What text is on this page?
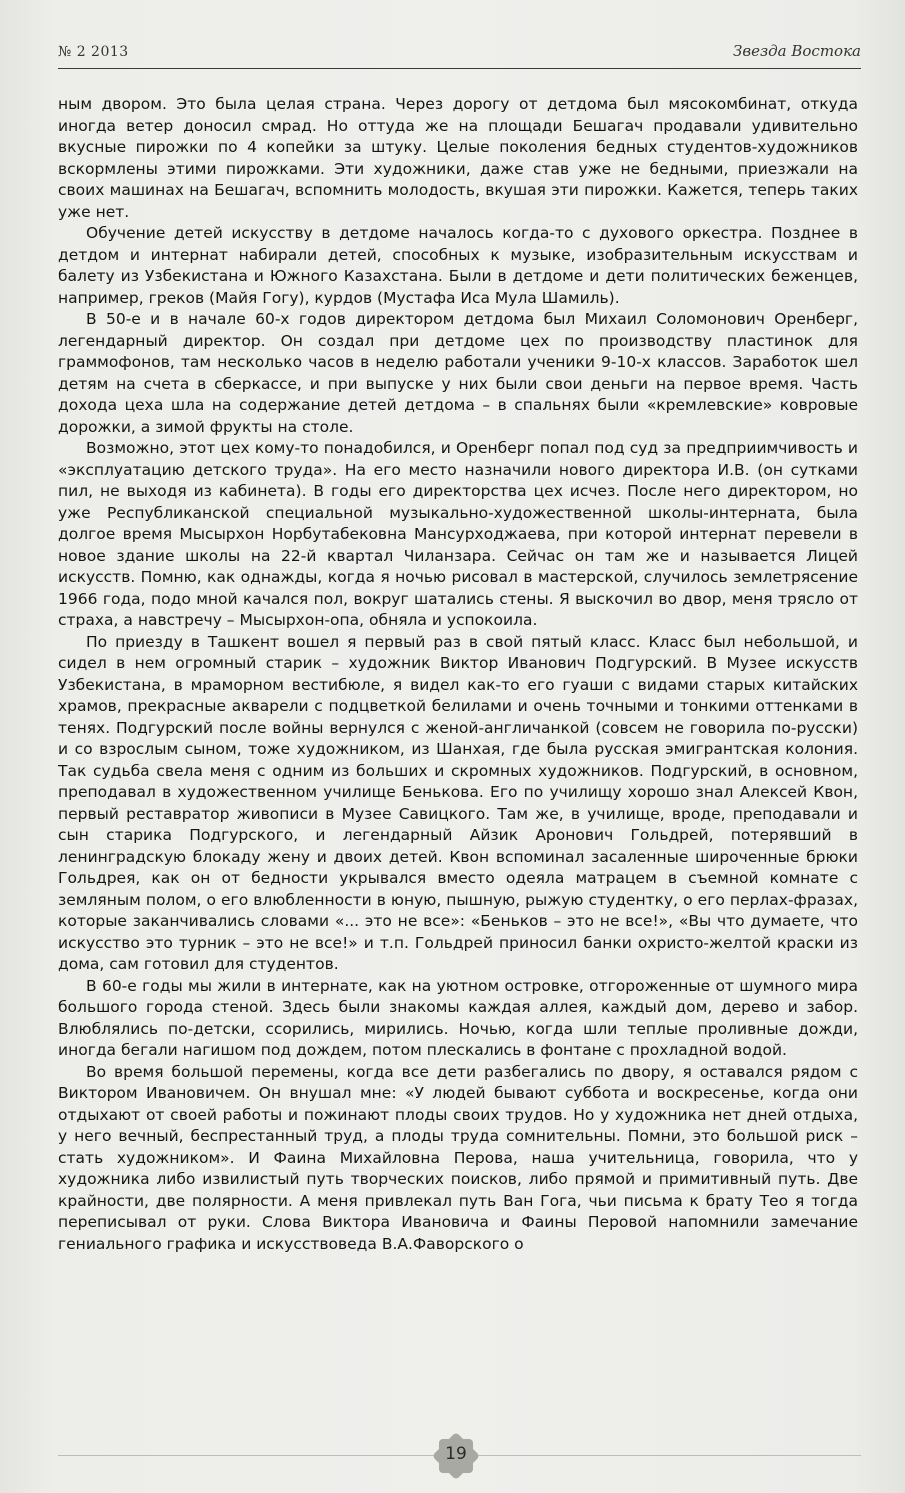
№ 2 2013	Звезда Востока

ным двором. Это была целая страна. Через дорогу от детдома был мясокомбинат, откуда иногда ветер доносил смрад. Но оттуда же на площади Бешагач продавали удивительно вкусные пирожки по 4 копейки за штуку. Целые поколения бедных студентов-художников вскормлены этими пирожками. Эти художники, даже став уже не бедными, приезжали на своих машинах на Бешагач, вспомнить молодость, вкушая эти пирожки. Кажется, теперь таких уже нет.

Обучение детей искусству в детдоме началось когда-то с духового оркестра. Позднее в детдом и интернат набирали детей, способных к музыке, изобразительным искусствам и балету из Узбекистана и Южного Казахстана. Были в детдоме и дети политических беженцев, например, греков (Майя Гогу), курдов (Мустафа Иса Мула Шамиль).

В 50-е и в начале 60-х годов директором детдома был Михаил Соломонович Оренберг, легендарный директор. Он создал при детдоме цех по производству пластинок для граммофонов, там несколько часов в неделю работали ученики 9-10-х классов. Заработок шел детям на счета в сберкассе, и при выпуске у них были свои деньги на первое время. Часть дохода цеха шла на содержание детей детдома – в спальнях были «кремлевские» ковровые дорожки, а зимой фрукты на столе.

Возможно, этот цех кому-то понадобился, и Оренберг попал под суд за предприимчивость и «эксплуатацию детского труда». На его место назначили нового директора И.В. (он сутками пил, не выходя из кабинета). В годы его директорства цех исчез. После него директором, но уже Республиканской специальной музыкально-художественной школы-интерната, была долгое время Мысырхон Норбутабековна Мансурходжаева, при которой интернат перевели в новое здание школы на 22-й квартал Чиланзара. Сейчас он там же и называется Лицей искусств. Помню, как однажды, когда я ночью рисовал в мастерской, случилось землетрясение 1966 года, подо мной качался пол, вокруг шатались стены. Я выскочил во двор, меня трясло от страха, а навстречу – Мысырхон-опа, обняла и успокоила.

По приезду в Ташкент вошел я первый раз в свой пятый класс. Класс был небольшой, и сидел в нем огромный старик – художник Виктор Иванович Подгурский. В Музее искусств Узбекистана, в мраморном вестибюле, я видел как-то его гуаши с видами старых китайских храмов, прекрасные акварели с подцветкой белилами и очень точными и тонкими оттенками в тенях. Подгурский после войны вернулся с женой-англичанкой (совсем не говорила по-русски) и со взрослым сыном, тоже художником, из Шанхая, где была русская эмигрантская колония. Так судьба свела меня с одним из больших и скромных художников. Подгурский, в основном, преподавал в художественном училище Бенькова. Его по училищу хорошо знал Алексей Квон, первый реставратор живописи в Музее Савицкого. Там же, в училище, вроде, преподавали и сын старика Подгурского, и легендарный Айзик Аронович Гольдрей, потерявший в ленинградскую блокаду жену и двоих детей. Квон вспоминал засаленные широченные брюки Гольдрея, как он от бедности укрывался вместо одеяла матрацем в съемной комнате с земляным полом, о его влюбленности в юную, пышную, рыжую студентку, о его перлах-фразах, которые заканчивались словами «... это не все»: «Беньков – это не все!», «Вы что думаете, что искусство это турник – это не все!» и т.п. Гольдрей приносил банки охристо-желтой краски из дома, сам готовил для студентов.

В 60-е годы мы жили в интернате, как на уютном островке, отгороженные от шумного мира большого города стеной. Здесь были знакомы каждая аллея, каждый дом, дерево и забор. Влюблялись по-детски, ссорились, мирились. Ночью, когда шли теплые проливные дожди, иногда бегали нагишом под дождем, потом плескались в фонтане с прохладной водой.

Во время большой перемены, когда все дети разбегались по двору, я оставался рядом с Виктором Ивановичем. Он внушал мне: «У людей бывают суббота и воскресенье, когда они отдыхают от своей работы и пожинают плоды своих трудов. Но у художника нет дней отдыха, у него вечный, беспрестанный труд, а плоды труда сомнительны. Помни, это большой риск – стать художником». И Фаина Михайловна Перова, наша учительница, говорила, что у художника либо извилистый путь творческих поисков, либо прямой и примитивный путь. Две крайности, две полярности. А меня привлекал путь Ван Гога, чьи письма к брату Тео я тогда переписывал от руки. Слова Виктора Ивановича и Фаины Перовой напомнили замечание гениального графика и искусствоведа В.А.Фаворского о

19
